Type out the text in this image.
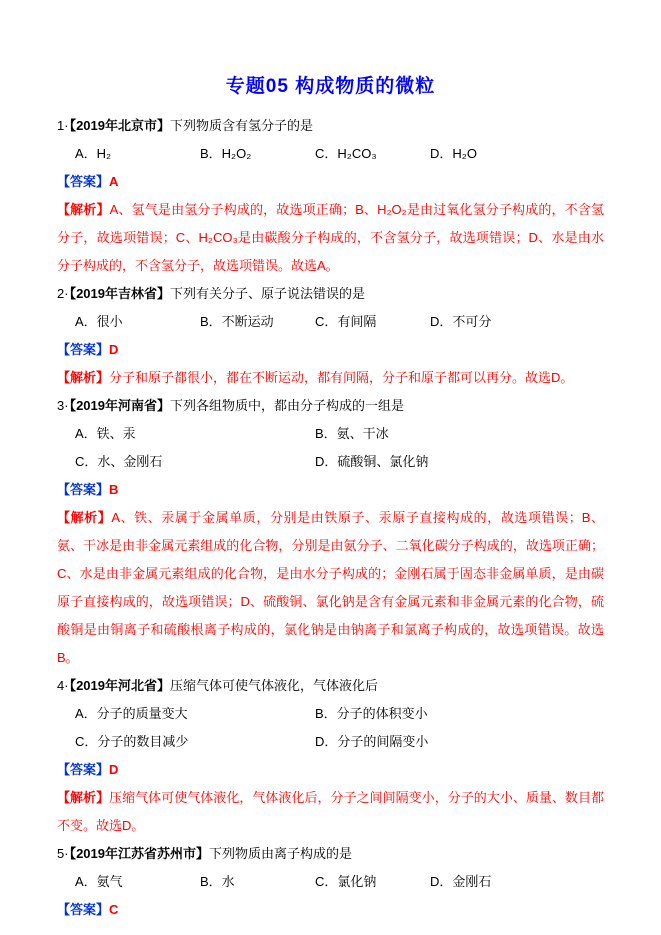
专题05 构成物质的微粒

1·【2019年北京市】下列物质含有氢分子的是

A．H₂	B．H₂O₂	C．H₂CO₃	D．H₂O

【答案】A

【解析】A、氢气是由氢分子构成的，故选项正确；B、H₂O₂是由过氧化氢分子构成的，不含氢分子，故选项错误；C、H₂CO₃是由碳酸分子构成的，不含氢分子，故选项错误；D、水是由水分子构成的，不含氢分子，故选项错误。故选A。

2·【2019年吉林省】下列有关分子、原子说法错误的是

A．很小	B．不断运动	C．有间隔	D．不可分

【答案】D

【解析】分子和原子都很小，都在不断运动，都有间隔，分子和原子都可以再分。故选D。

3·【2019年河南省】下列各组物质中，都由分子构成的一组是

A．铁、汞	B．氨、干冰
C．水、金刚石	D．硫酸铜、氯化钠

【答案】B

【解析】A、铁、汞属于金属单质，分别是由铁原子、汞原子直接构成的，故选项错误；B、氨、干冰是由非金属元素组成的化合物，分别是由氨分子、二氧化碳分子构成的，故选项正确；C、水是由非金属元素组成的化合物，是由水分子构成的；金刚石属于固态非金属单质，是由碳原子直接构成的，故选项错误；D、硫酸铜、氯化钠是含有金属元素和非金属元素的化合物，硫酸铜是由铜离子和硫酸根离子构成的，氯化钠是由钠离子和氯离子构成的，故选项错误。故选B。

4·【2019年河北省】压缩气体可使气体液化，气体液化后

A．分子的质量变大	B．分子的体积变小
C．分子的数目减少	D．分子的间隔变小

【答案】D

【解析】压缩气体可使气体液化，气体液化后，分子之间间隔变小，分子的大小、质量、数目都不变。故选D。

5·【2019年江苏省苏州市】下列物质由离子构成的是

A．氨气	B．水	C．氯化钠	D．金刚石

【答案】C
